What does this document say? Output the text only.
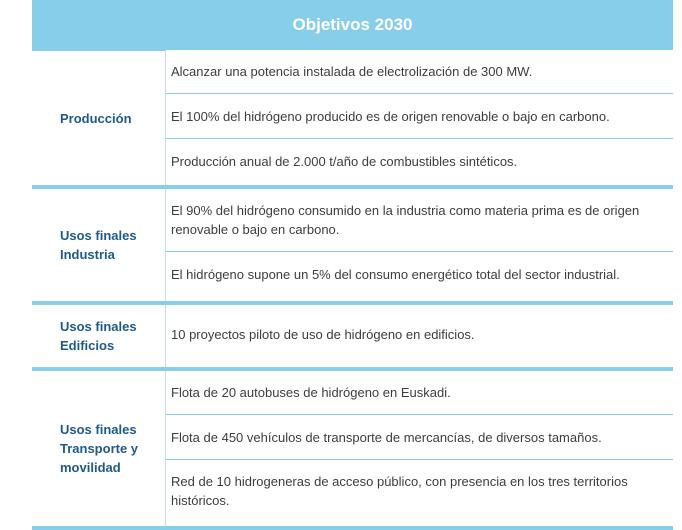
Objetivos 2030
Producción
Alcanzar una potencia instalada de electrolización de 300 MW.
El 100% del hidrógeno producido es de origen renovable o bajo en carbono.
Producción anual de 2.000 t/año de combustibles sintéticos.
Usos finales Industria
El 90% del hidrógeno consumido en la industria como materia prima es de origen renovable o bajo en carbono.
El hidrógeno supone un 5% del consumo energético total del sector industrial.
Usos finales Edificios
10 proyectos piloto de uso de hidrógeno en edificios.
Usos finales Transporte y movilidad
Flota de 20 autobuses de hidrógeno en Euskadi.
Flota de 450 vehículos de transporte de mercancías, de diversos tamaños.
Red de 10 hidrogeneras de acceso público, con presencia en los tres territorios históricos.
